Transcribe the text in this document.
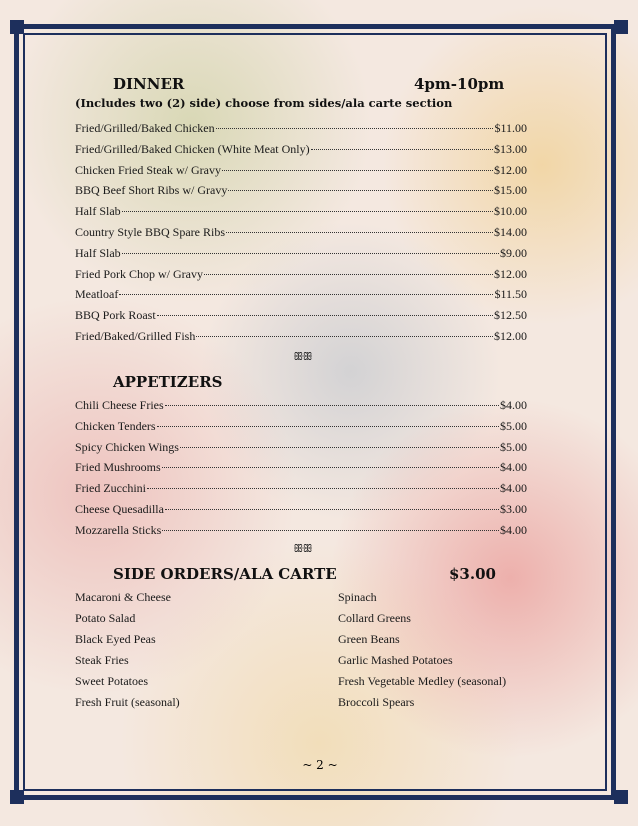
DINNER	4pm-10pm
(Includes two (2) side) choose from sides/ala carte section
Fried/Grilled/Baked Chicken	$11.00
Fried/Grilled/Baked Chicken (White Meat Only)	$13.00
Chicken Fried Steak w/ Gravy	$12.00
BBQ Beef Short Ribs w/ Gravy	$15.00
Half Slab	$10.00
Country Style BBQ Spare Ribs	$14.00
Half Slab	$9.00
Fried Pork Chop w/ Gravy	$12.00
Meatloaf	$11.50
BBQ Pork Roast	$12.50
Fried/Baked/Grilled Fish	$12.00
ꕥꕥ
APPETIZERS
Chili Cheese Fries	$4.00
Chicken Tenders	$5.00
Spicy Chicken Wings	$5.00
Fried Mushrooms	$4.00
Fried Zucchini	$4.00
Cheese Quesadilla	$3.00
Mozzarella Sticks	$4.00
ꕥꕥ
SIDE ORDERS/ALA CARTE	$3.00
Macaroni & Cheese
Potato Salad
Black Eyed Peas
Steak Fries
Sweet Potatoes
Fresh Fruit (seasonal)
Spinach
Collard Greens
Green Beans
Garlic Mashed Potatoes
Fresh Vegetable Medley (seasonal)
Broccoli Spears
~ 2 ~
